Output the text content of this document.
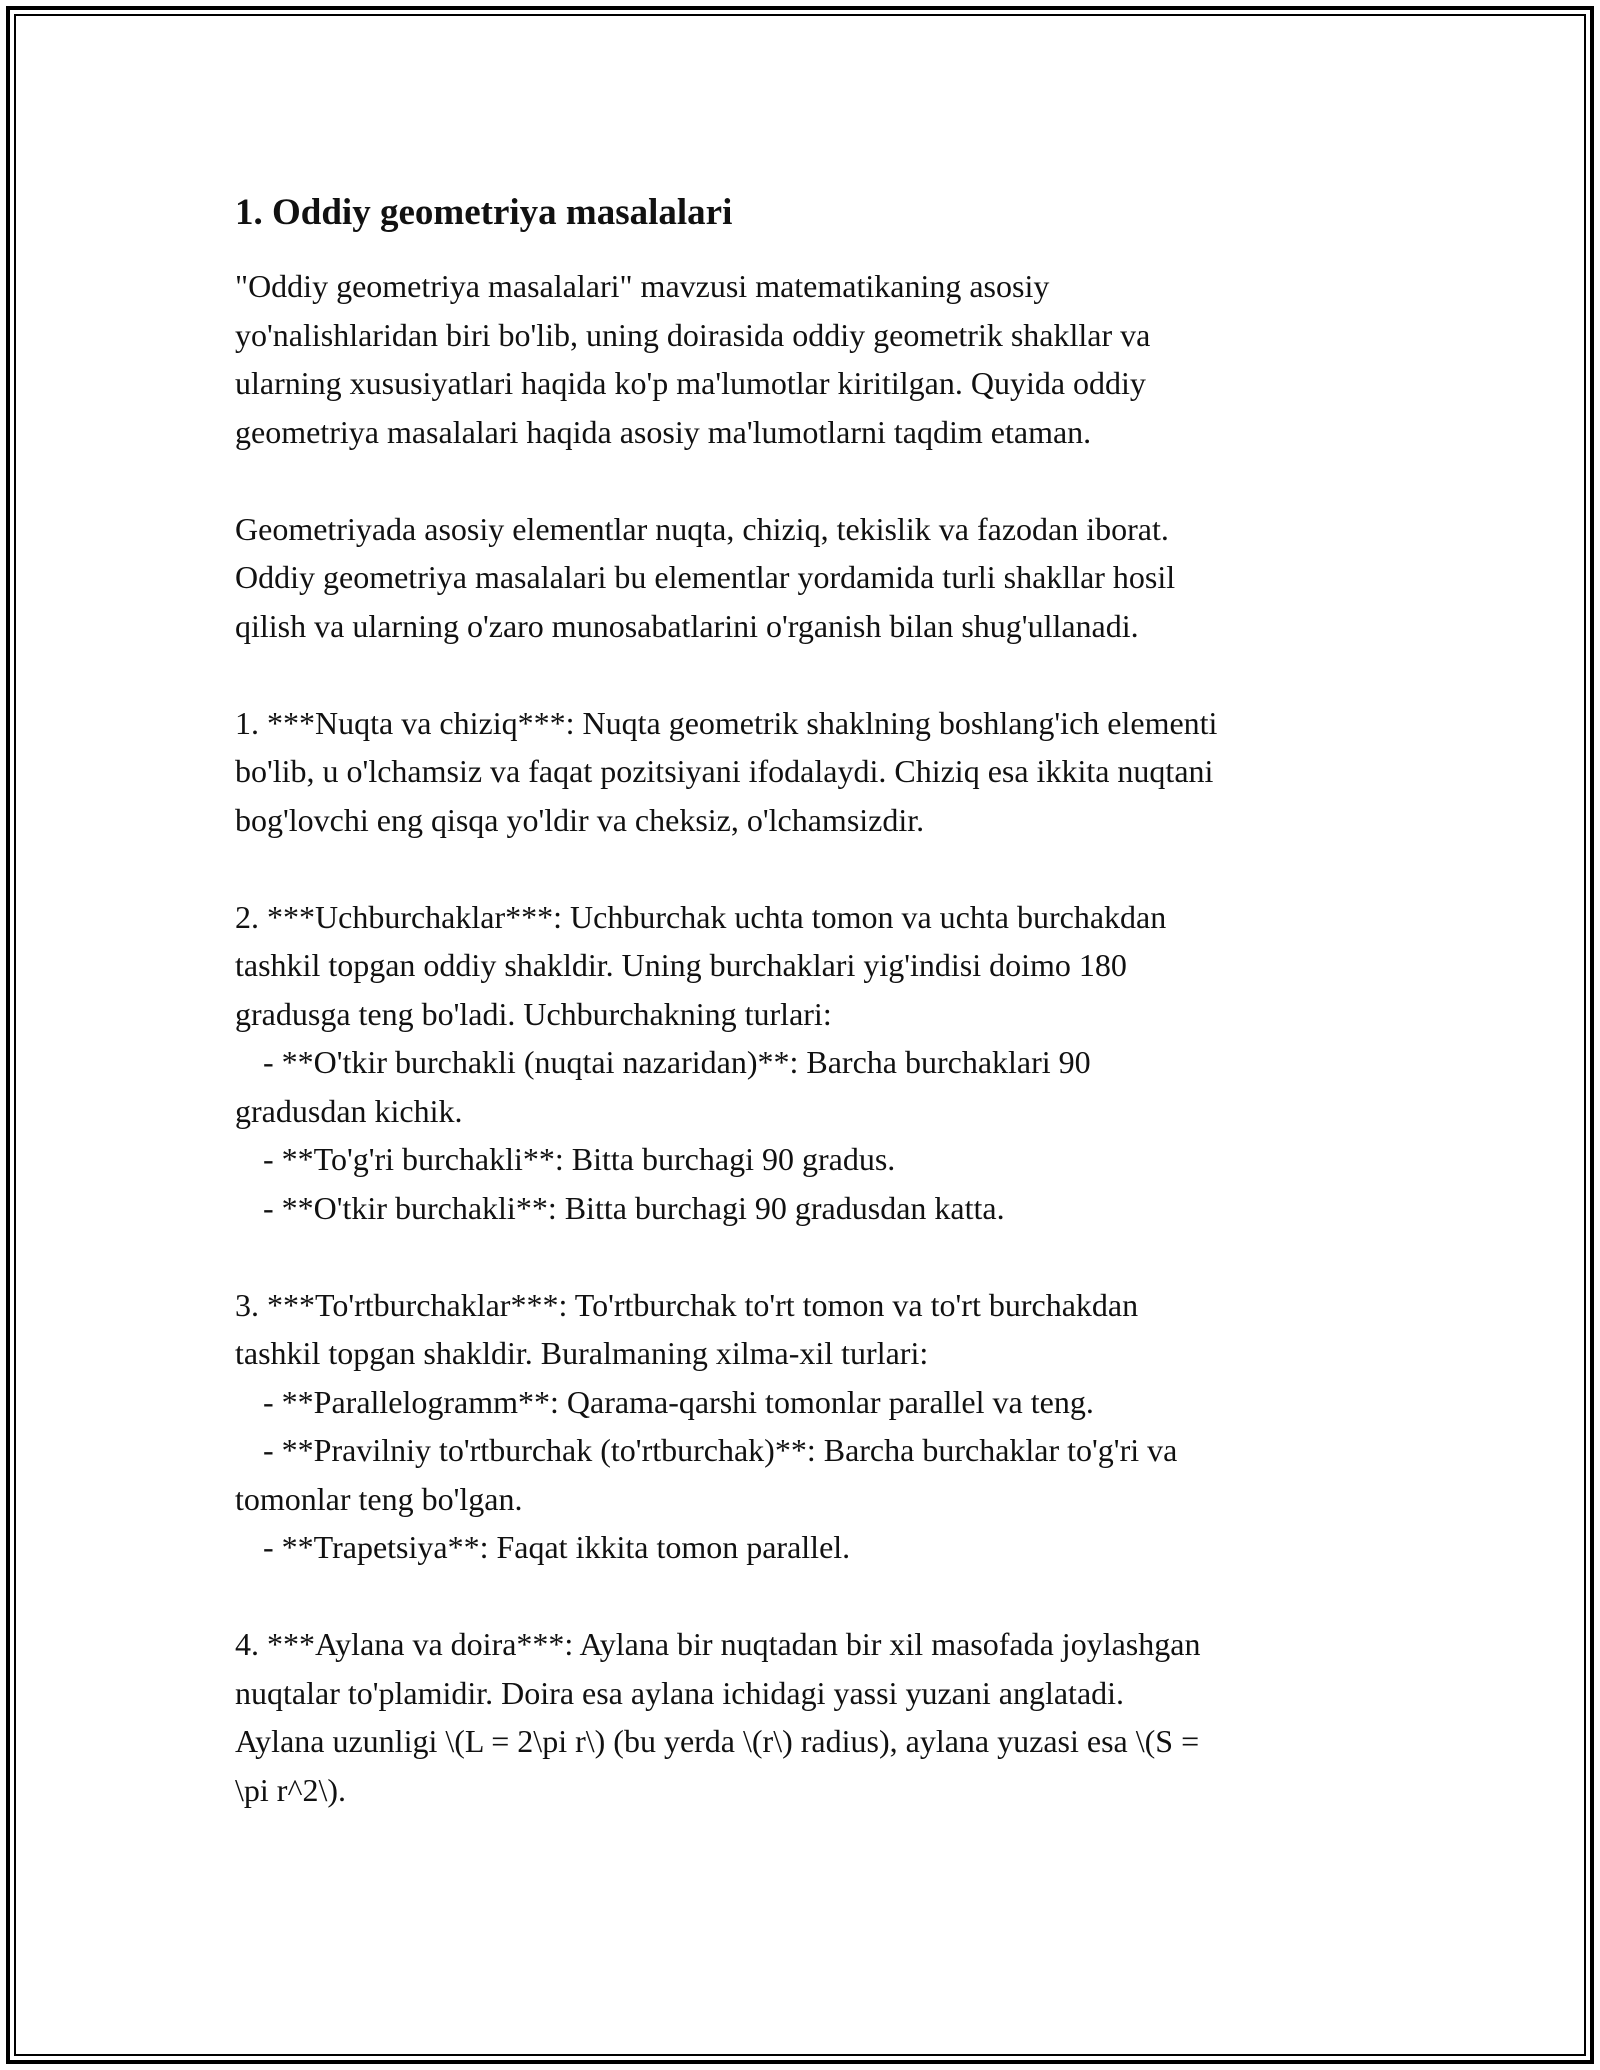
1. Oddiy geometriya masalalari
"Oddiy geometriya masalalari" mavzusi matematikaning asosiy
yo'nalishlaridan biri bo'lib, uning doirasida oddiy geometrik shakllar va
ularning xususiyatlari haqida ko'p ma'lumotlar kiritilgan. Quyida oddiy
geometriya masalalari haqida asosiy ma'lumotlarni taqdim etaman.
Geometriyada asosiy elementlar nuqta, chiziq, tekislik va fazodan iborat.
Oddiy geometriya masalalari bu elementlar yordamida turli shakllar hosil
qilish va ularning o'zaro munosabatlarini o'rganish bilan shug'ullanadi.
1. ***Nuqta va chiziq***: Nuqta geometrik shaklning boshlang'ich elementi
bo'lib, u o'lchamsiz va faqat pozitsiyani ifodalaydi. Chiziq esa ikkita nuqtani
bog'lovchi eng qisqa yo'ldir va cheksiz, o'lchamsizdir.
2. ***Uchburchaklar***: Uchburchak uchta tomon va uchta burchakdan
tashkil topgan oddiy shakldir. Uning burchaklari yig'indisi doimo 180
gradusga teng bo'ladi. Uchburchakning turlari:
- **O'tkir burchakli (nuqtai nazaridan)**: Barcha burchaklari 90
gradusdan kichik.
- **To'g'ri burchakli**: Bitta burchagi 90 gradus.
- **O'tkir burchakli**: Bitta burchagi 90 gradusdan katta.
3. ***To'rtburchaklar***: To'rtburchak to'rt tomon va to'rt burchakdan
tashkil topgan shakldir. Buralmaning xilma-xil turlari:
- **Parallelogramm**: Qarama-qarshi tomonlar parallel va teng.
- **Pravilniy to'rtburchak (to'rtburchak)**: Barcha burchaklar to'g'ri va
tomonlar teng bo'lgan.
- **Trapetsiya**: Faqat ikkita tomon parallel.
4. ***Aylana va doira***: Aylana bir nuqtadan bir xil masofada joylashgan
nuqtalar to'plamidir. Doira esa aylana ichidagi yassi yuzani anglatadi.
Aylana uzunligi \(L = 2\pi r\) (bu yerda \(r\) radius), aylana yuzasi esa \(S =
\pi r^2\).
